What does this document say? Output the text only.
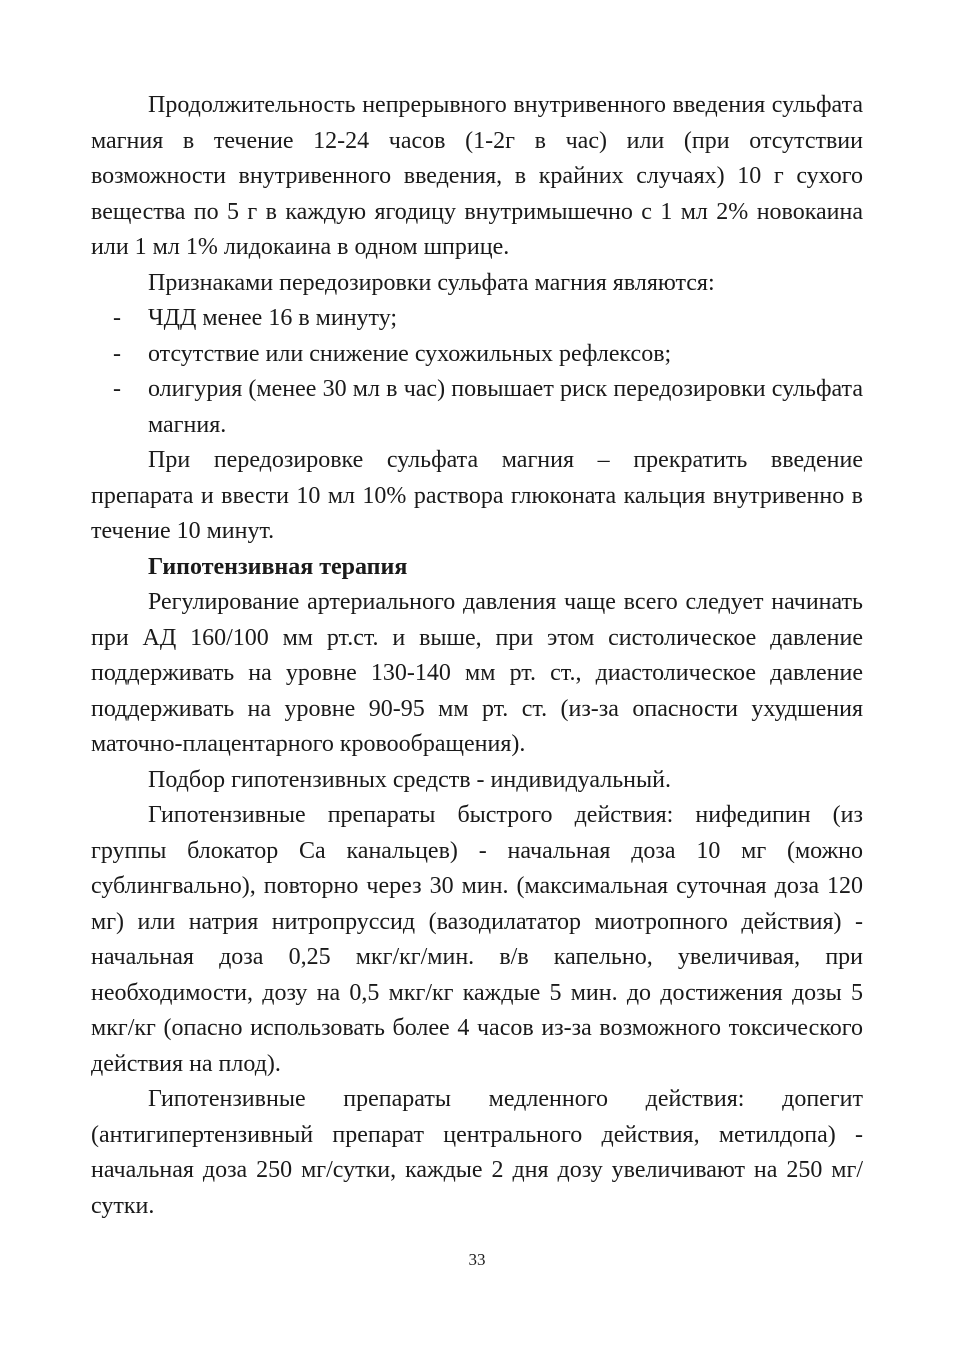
Продолжительность непрерывного внутривенного введения сульфата магния в течение 12-24 часов (1-2г в час) или (при отсутствии возможности внутривенного введения, в крайних случаях) 10 г сухого вещества по 5 г в каждую ягодицу внутримышечно с 1 мл 2% новокаина или 1 мл 1% лидокаина в одном шприце.

Признаками передозировки сульфата магния являются:

- ЧДД менее 16 в минуту;
- отсутствие или снижение сухожильных рефлексов;
- олигурия (менее 30 мл в час) повышает риск передозировки сульфата магния.

При передозировке сульфата магния – прекратить введение препарата и ввести 10 мл 10% раствора глюконата кальция внутривенно в течение 10 минут.

Гипотензивная терапия

Регулирование артериального давления чаще всего следует начинать при АД 160/100 мм рт.ст. и выше, при этом систолическое давление поддерживать на уровне 130-140 мм рт. ст., диастолическое давление поддерживать на уровне 90-95 мм рт. ст. (из-за опасности ухудшения маточно-плацентарного кровообращения).

Подбор гипотензивных средств - индивидуальный.

Гипотензивные препараты быстрого действия: нифедипин (из группы блокатор Са канальцев) - начальная доза 10 мг (можно сублингвально), повторно через 30 мин. (максимальная суточная доза 120 мг) или натрия нитропруссид (вазодилататор миотропного действия) - начальная доза 0,25 мкг/кг/мин. в/в капельно, увеличивая, при необходимости, дозу на 0,5 мкг/кг каждые 5 мин. до достижения дозы 5 мкг/кг (опасно использовать более 4 часов из-за возможного токсического действия на плод).

Гипотензивные препараты медленного действия: допегит (антигипертензивный препарат центрального действия, метилдопа) - начальная доза 250 мг/сутки, каждые 2 дня дозу увеличивают на 250 мг/сутки.

33
